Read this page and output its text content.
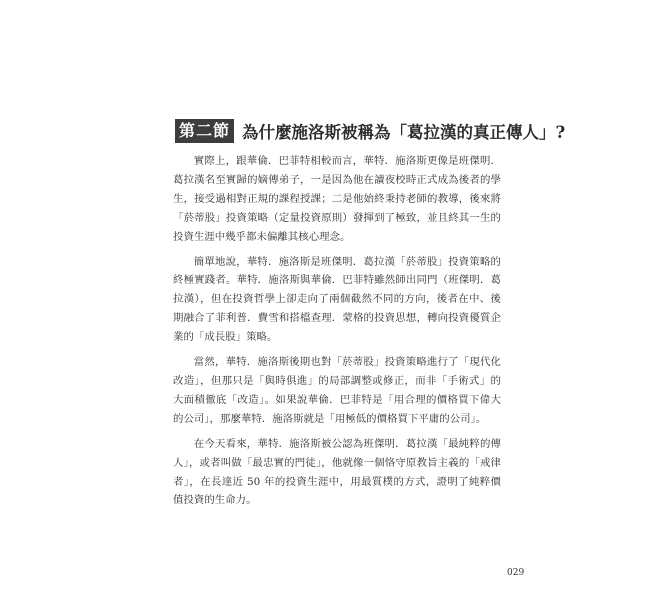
第二節 為什麼施洛斯被稱為「葛拉漢的真正傳人」?

實際上，跟華倫．巴菲特相較而言，華特．施洛斯更像是班傑明．葛拉漢名至實歸的嫡傳弟子，一是因為他在讀夜校時正式成為後者的學生，接受過相對正規的課程授課；二是他始終秉持老師的教導，後來將「菸蒂股」投資策略（定量投資原則）發揮到了極致，並且終其一生的投資生涯中幾乎都未偏離其核心理念。

簡單地說，華特．施洛斯是班傑明．葛拉漢「菸蒂股」投資策略的終極實踐者。華特．施洛斯與華倫．巴菲特雖然師出同門（班傑明．葛拉漢），但在投資哲學上卻走向了兩個截然不同的方向，後者在中、後期融合了菲利普．費雪和搭檔查理．蒙格的投資思想，轉向投資優質企業的「成長股」策略。

當然，華特．施洛斯後期也對「菸蒂股」投資策略進行了「現代化改造」，但那只是「與時俱進」的局部調整或修正，而非「手術式」的大面積徹底「改造」。如果說華倫．巴菲特是「用合理的價格買下偉大的公司」，那麼華特．施洛斯就是「用極低的價格買下平庸的公司」。

在今天看來，華特．施洛斯被公認為班傑明．葛拉漢「最純粹的傳人」，或者叫做「最忠實的門徒」，他就像一個恪守原教旨主義的「戒律者」，在長達近 50 年的投資生涯中，用最質樸的方式，證明了純粹價值投資的生命力。

029
